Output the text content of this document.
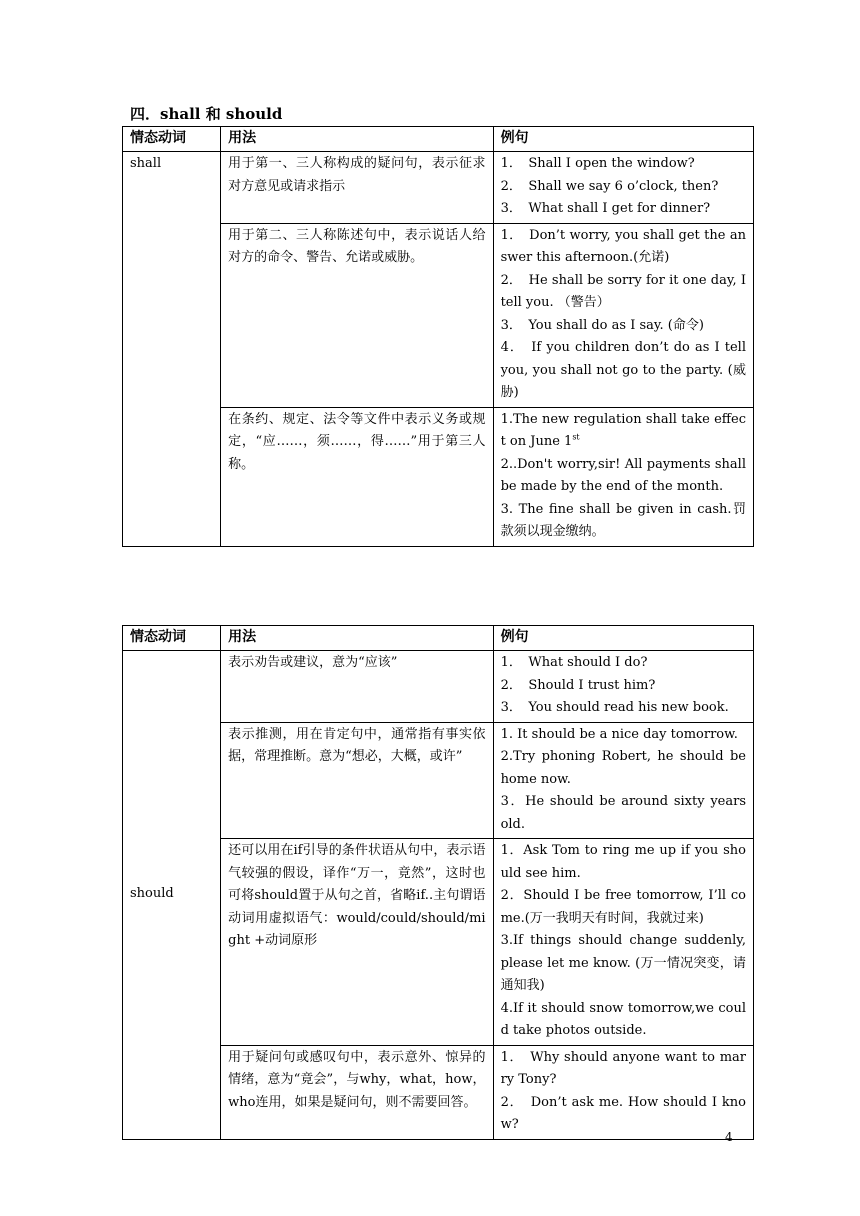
四．shall 和 should
情态动词	用法	例句
shall	用于第一、三人称构成的疑问句，表示征求对方意见或请求指示	1．　Shall I open the window?
2．　Shall we say 6 o’clock, then?
3．　What shall I get for dinner?

	用于第二、三人称陈述句中，表示说话人给对方的命令、警告、允诺或威胁。	1．　Don’t worry, you shall get the answer this afternoon.(允诺)
2．　He shall be sorry for it one day, I tell you. （警告）
3．　You shall do as I say. (命令)
4．　If you children don’t do as I tell you, you shall not go to the party. (威胁)

	在条约、规定、法令等文件中表示义务或规定，“应……，须……，得……”用于第三人称。	1.The new regulation shall take effect on June 1st
2..Don't worry,sir! All payments shall be made by the end of the month.
3. The fine shall be given in cash.罚款须以现金缴纳。
情态动词	用法	例句
should	表示劝告或建议，意为“应该”	1．　What should I do?
2．　Should I trust him?
3．　You should read his new book.

	表示推测，用在肯定句中，通常指有事实依据，常理推断。意为“想必，大概，或许”	1. It should be a nice day tomorrow.
2.Try phoning Robert, he should be home now.
3．He should be around sixty years old.

	还可以用在if引导的条件状语从句中，表示语气较强的假设，译作“万一，竟然”，这时也可将should置于从句之首，省略if..主句谓语动词用虚拟语气：would/could/should/might +动词原形	1．Ask Tom to ring me up if you should see him.
2．Should I be free tomorrow, I’ll come.(万一我明天有时间，我就过来)
3.If things should change suddenly, please let me know. (万一情况突变，请通知我)
4.If it should snow tomorrow,we could take photos outside.

	用于疑问句或感叹句中，表示意外、惊异的情绪，意为“竟会”，与why，what，how，who连用，如果是疑问句，则不需要回答。	1．　Why should anyone want to marry Tony?
2．　Don’t ask me. How should I know?
4
